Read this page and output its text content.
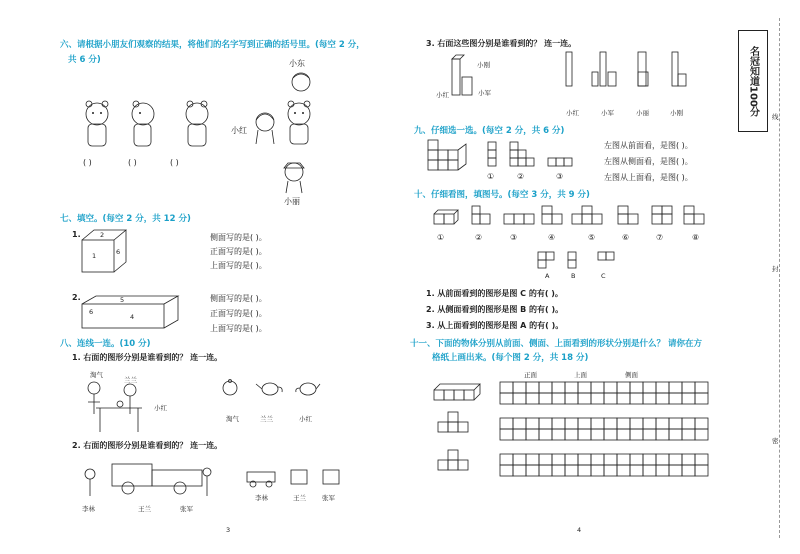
六、请根据小朋友们观察的结果，将他们的名字写到正确的括号里。(每空 2 分，
共 6 分)	小东
小红
小丽
( )	( )	( )
七、填空。(每空 2 分，共 12 分)
1.	2
1	6
侧面写的是( )。
正面写的是( )。
上面写的是( )。
2.	5
6
4
侧面写的是( )。
正面写的是( )。
上面写的是( )。
八、连线一连。(10 分)
1. 右面的图形分别是谁看到的？ 连一连。
淘气
兰兰
小红
淘气	兰兰	小红
2. 右面的图形分别是谁看到的？ 连一连。
李林	王兰	张军
李林	王兰 张军
3
3. 右面这些图分别是谁看到的？ 连一连。
小刚
小红	小军
小红	小军	小丽	小刚
九、仔细选一选。(每空 2 分，共 6 分)
①	②	③
左图从前面看，是图( )。
左图从侧面看，是图( )。
左图从上面看，是图( )。
十、仔细看图，填图号。(每空 3 分，共 9 分)
①	②	③	④	⑤	⑥	⑦	⑧
A	B	C
1. 从前面看到的图形是图 C 的有( )。
2. 从侧面看到的图形是图 B 的有( )。
3. 从上面看到的图形是图 A 的有( )。
十一、下面的物体分别从前面、侧面、上面看到的形状分别是什么？ 请你在方
格纸上画出来。(每个图 2 分，共 18 分)
正面	上面	侧面
4
名冠知道100分
线
封
密
